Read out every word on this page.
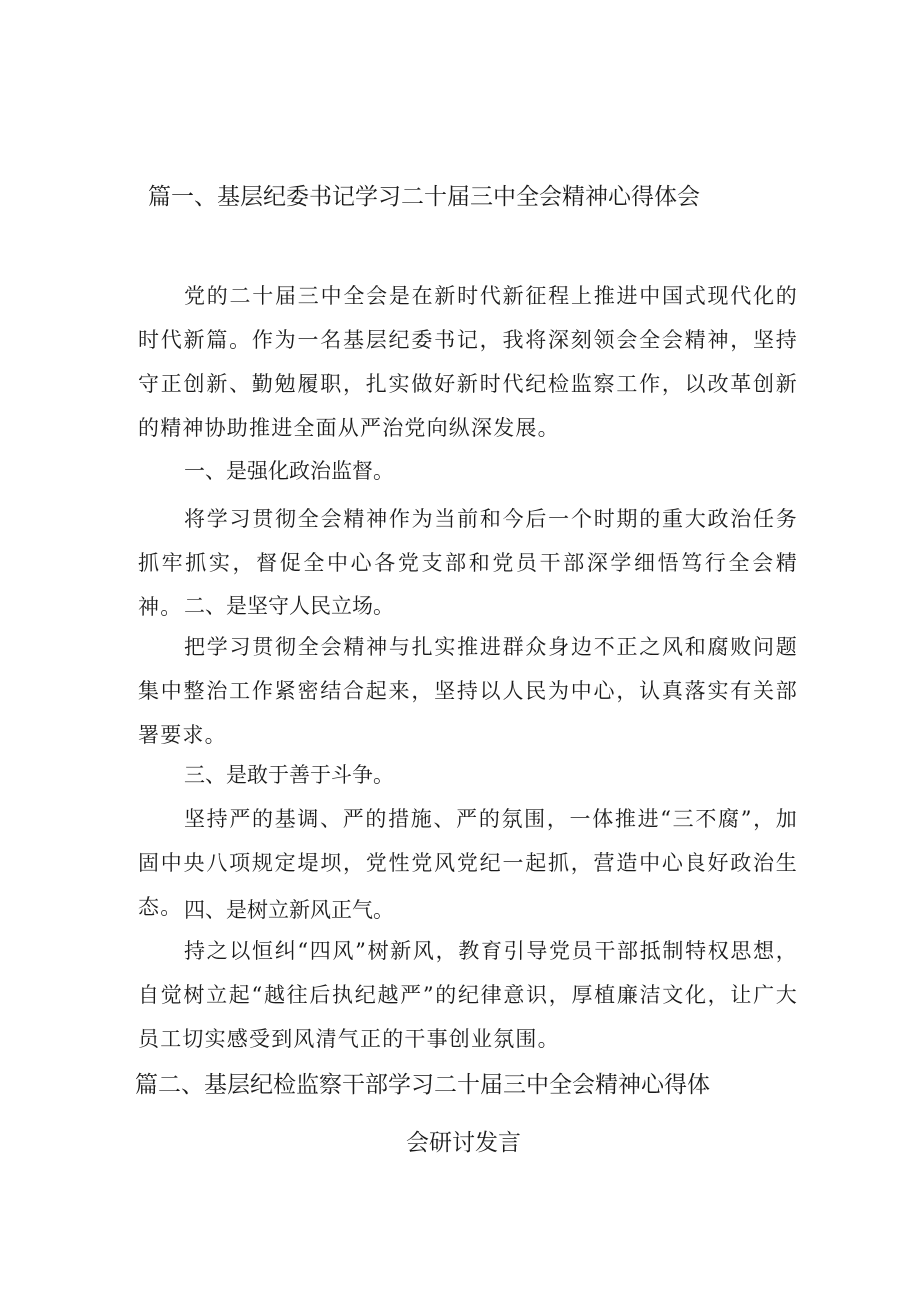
篇一、基层纪委书记学习二十届三中全会精神心得体会

党的二十届三中全会是在新时代新征程上推进中国式现代化的时代新篇。作为一名基层纪委书记，我将深刻领会全会精神，坚持守正创新、勤勉履职，扎实做好新时代纪检监察工作，以改革创新的精神协助推进全面从严治党向纵深发展。

一、是强化政治监督。

将学习贯彻全会精神作为当前和今后一个时期的重大政治任务抓牢抓实，督促全中心各党支部和党员干部深学细悟笃行全会精神。 二、是坚守人民立场。

把学习贯彻全会精神与扎实推进群众身边不正之风和腐败问题集中整治工作紧密结合起来，坚持以人民为中心，认真落实有关部署要求。

三、是敢于善于斗争。

坚持严的基调、严的措施、严的氛围，一体推进“三不腐”，加固中央八项规定堤坝，党性党风党纪一起抓，营造中心良好政治生态。 四、是树立新风正气。

持之以恒纠“四风”树新风，教育引导党员干部抵制特权思想，自觉树立起“越往后执纪越严”的纪律意识，厚植廉洁文化，让广大员工切实感受到风清气正的干事创业氛围。

篇二、基层纪检监察干部学习二十届三中全会精神心得体
会研讨发言
